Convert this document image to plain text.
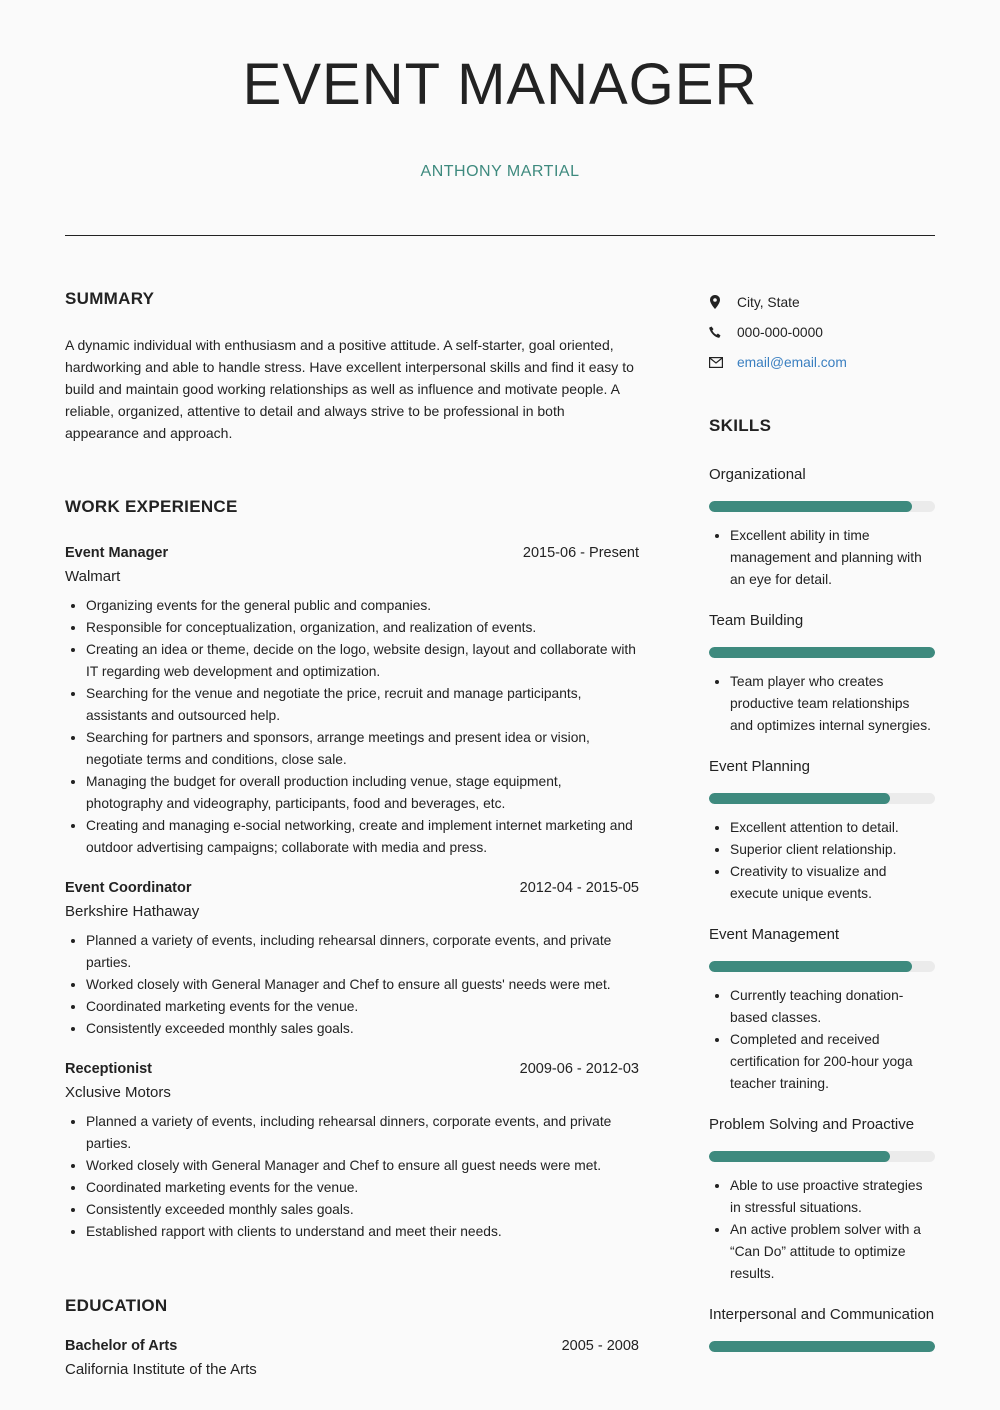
EVENT MANAGER
ANTHONY MARTIAL
SUMMARY

A dynamic individual with enthusiasm and a positive attitude. A self-starter, goal oriented, hardworking and able to handle stress. Have excellent interpersonal skills and find it easy to build and maintain good working relationships as well as influence and motivate people. A reliable, organized, attentive to detail and always strive to be professional in both appearance and approach.

WORK EXPERIENCE
Event Manager	2015-06 - Present
Walmart
• Organizing events for the general public and companies.
• Responsible for conceptualization, organization, and realization of events.
• Creating an idea or theme, decide on the logo, website design, layout and collaborate with IT regarding web development and optimization.
• Searching for the venue and negotiate the price, recruit and manage participants, assistants and outsourced help.
• Searching for partners and sponsors, arrange meetings and present idea or vision, negotiate terms and conditions, close sale.
• Managing the budget for overall production including venue, stage equipment, photography and videography, participants, food and beverages, etc.
• Creating and managing e-social networking, create and implement internet marketing and outdoor advertising campaigns; collaborate with media and press.
Event Coordinator	2012-04 - 2015-05
Berkshire Hathaway
• Planned a variety of events, including rehearsal dinners, corporate events, and private parties.
• Worked closely with General Manager and Chef to ensure all guests' needs were met.
• Coordinated marketing events for the venue.
• Consistently exceeded monthly sales goals.
Receptionist	2009-06 - 2012-03
Xclusive Motors
• Planned a variety of events, including rehearsal dinners, corporate events, and private parties.
• Worked closely with General Manager and Chef to ensure all guest needs were met.
• Coordinated marketing events for the venue.
• Consistently exceeded monthly sales goals.
• Established rapport with clients to understand and meet their needs.
EDUCATION
Bachelor of Arts	2005 - 2008
California Institute of the Arts
City, State
000-000-0000
email@email.com
SKILLS
Organizational
• Excellent ability in time management and planning with an eye for detail.
Team Building
• Team player who creates productive team relationships and optimizes internal synergies.
Event Planning
• Excellent attention to detail.
• Superior client relationship.
• Creativity to visualize and execute unique events.
Event Management
• Currently teaching donation-based classes.
• Completed and received certification for 200-hour yoga teacher training.
Problem Solving and Proactive
• Able to use proactive strategies in stressful situations.
• An active problem solver with a “Can Do” attitude to optimize results.
Interpersonal and Communication
